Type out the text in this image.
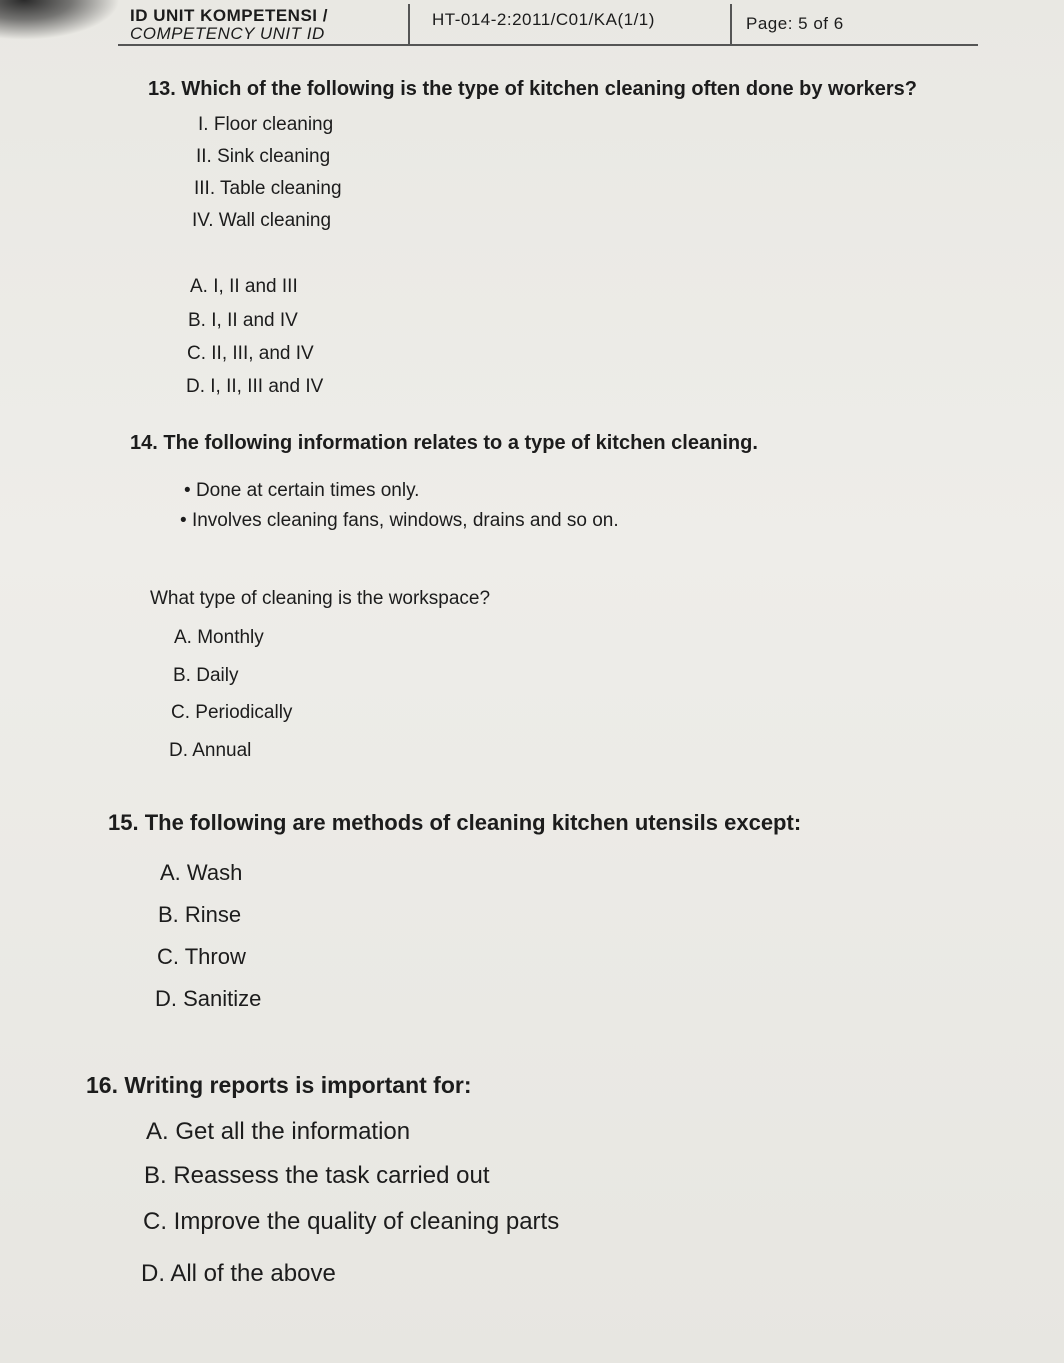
ID UNIT KOMPETENSI /
COMPETENCY UNIT ID
HT-014-2:2011/C01/KA(1/1)	Page: 5 of 6
13. Which of the following is the type of kitchen cleaning often done by workers?
I. Floor cleaning
II. Sink cleaning
III. Table cleaning
IV. Wall cleaning
A. I, II and III
B. I, II and IV
C. II, III, and IV
D. I, II, III and IV
14. The following information relates to a type of kitchen cleaning.
• Done at certain times only.
• Involves cleaning fans, windows, drains and so on.
What type of cleaning is the workspace?
A. Monthly
B. Daily
C. Periodically
D. Annual
15. The following are methods of cleaning kitchen utensils except:
A. Wash
B. Rinse
C. Throw
D. Sanitize
16. Writing reports is important for:
A. Get all the information
B. Reassess the task carried out
C. Improve the quality of cleaning parts
D. All of the above
